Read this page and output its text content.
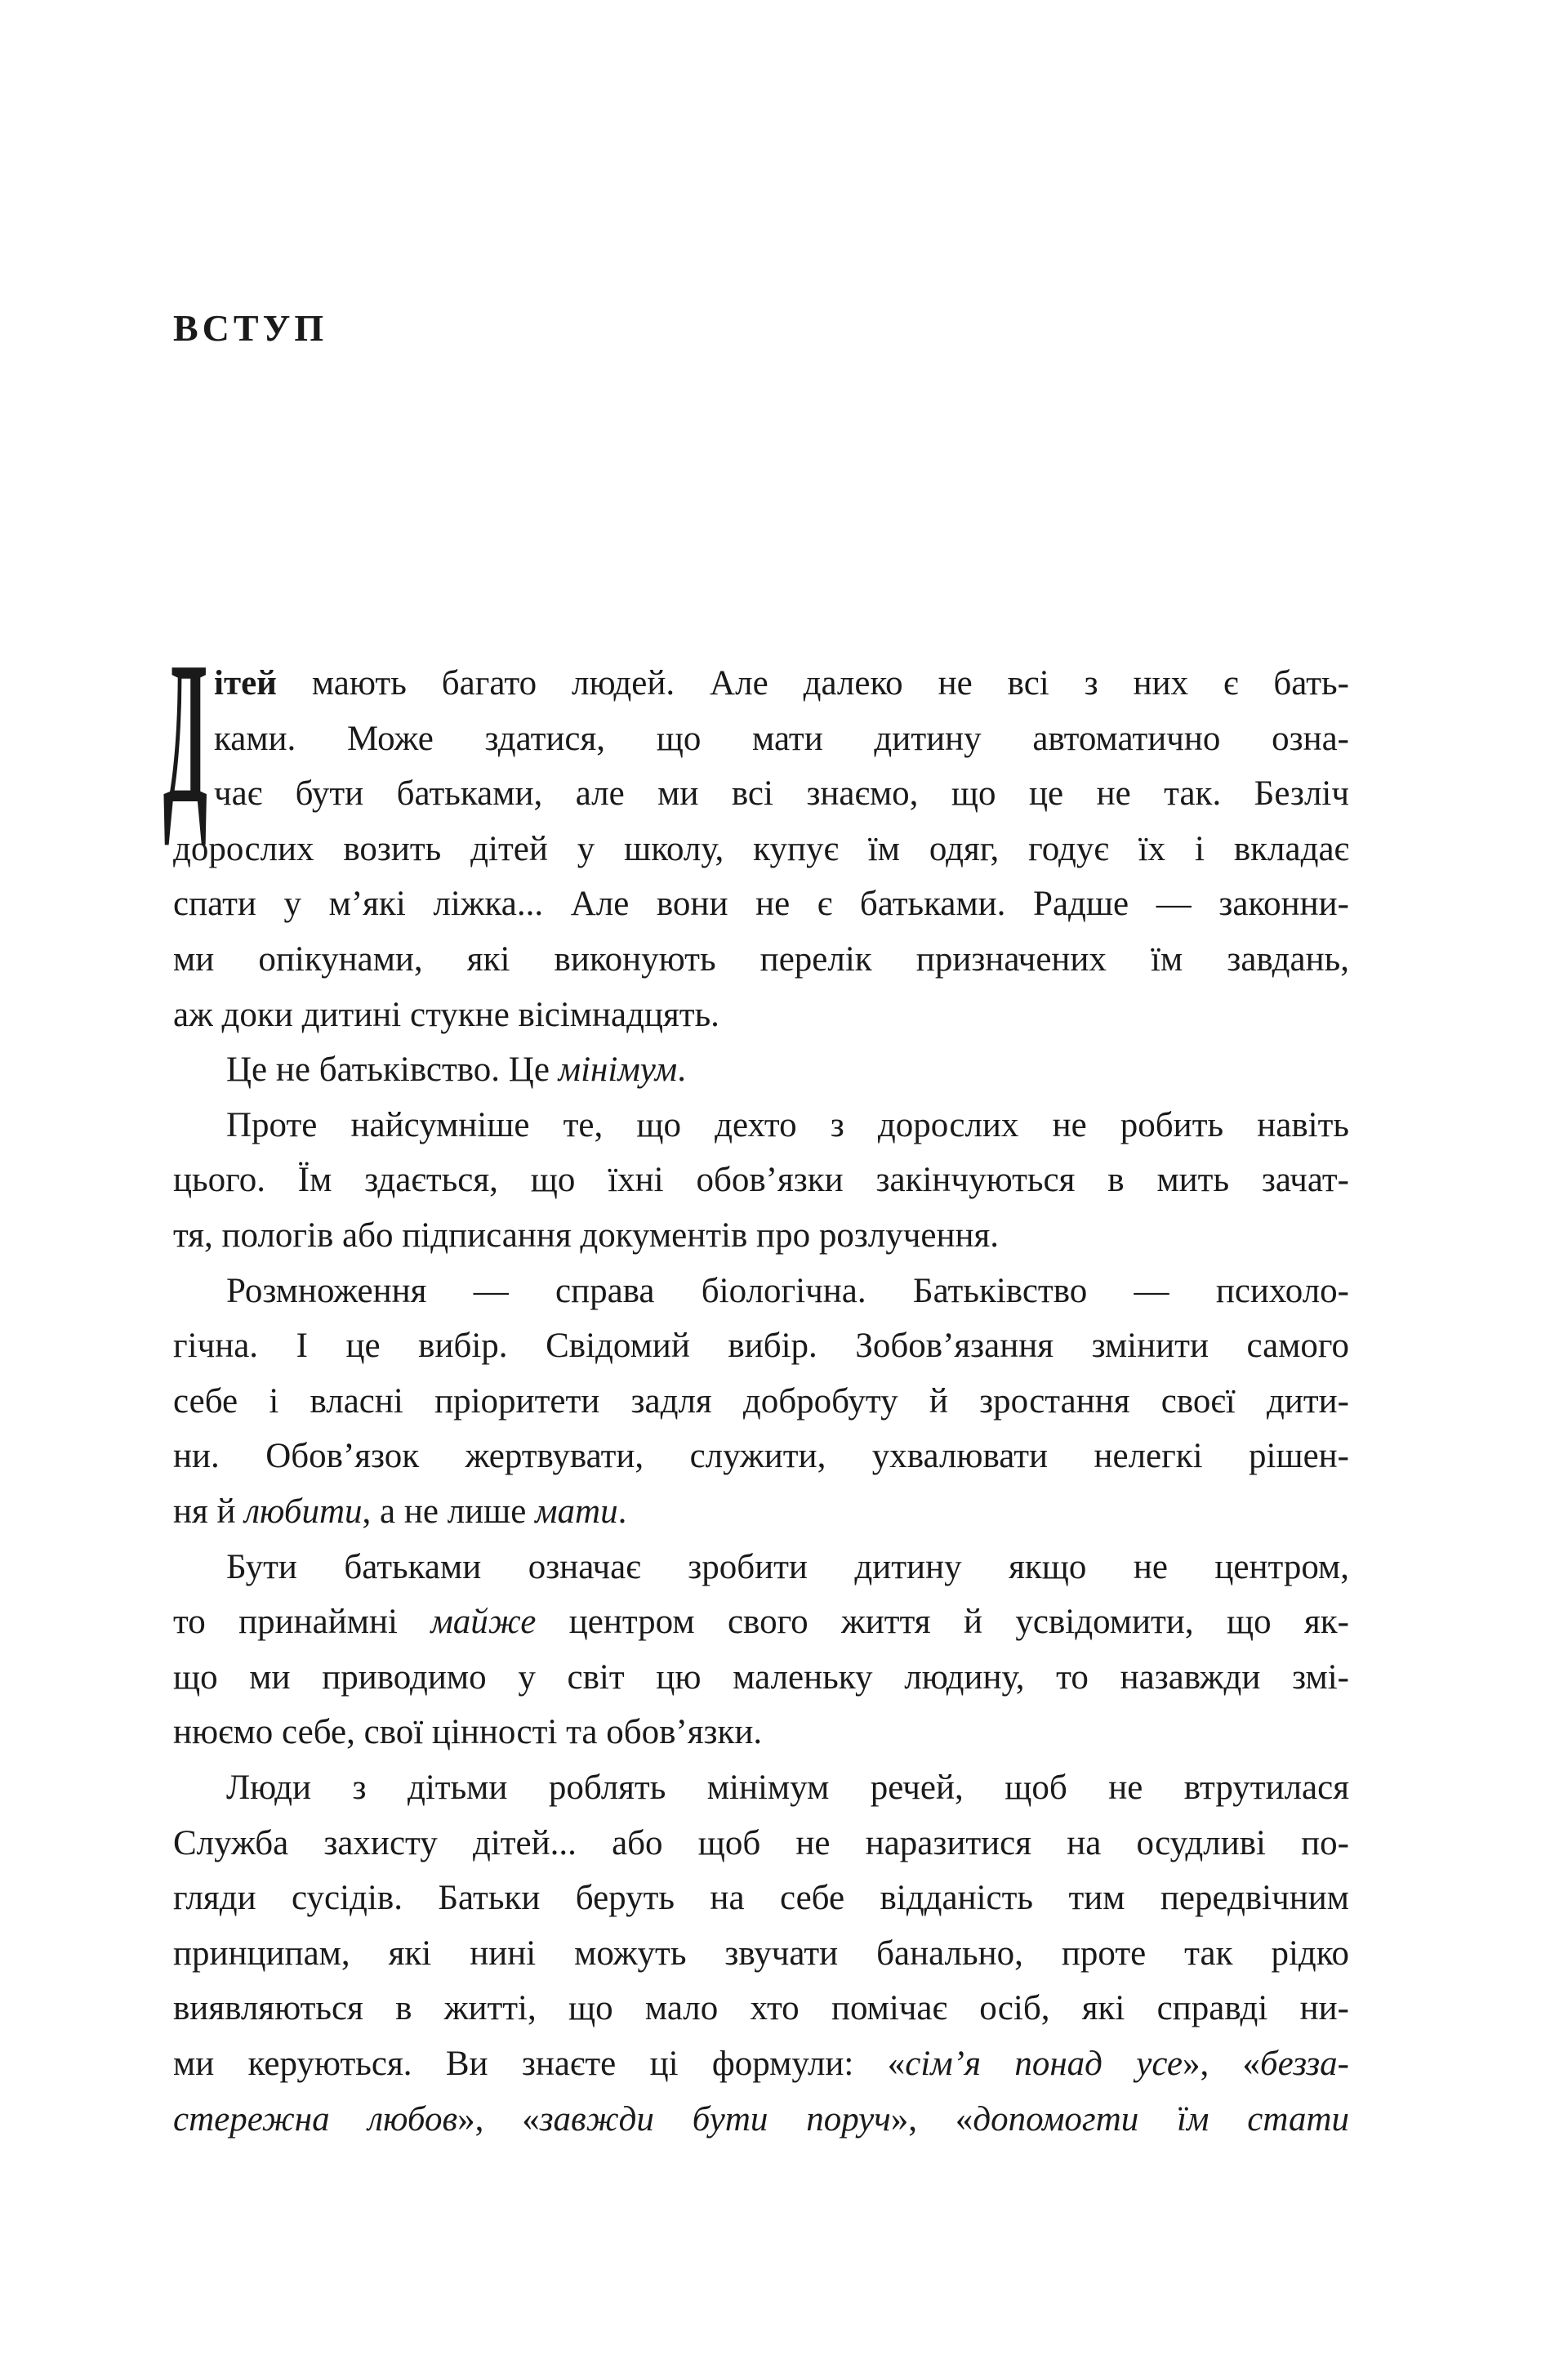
ВСТУП
Д ітей мають багато людей. Але далеко не всі з них є бать-
ками. Може здатися, що мати дитину автоматично озна-
чає бути батьками, але ми всі знаємо, що це не так. Безліч
дорослих возить дітей у школу, купує їм одяг, годує їх і вкладає
спати у м’які ліжка... Але вони не є батьками. Радше — законни-
ми опікунами, які виконують перелік призначених їм завдань,
аж доки дитині стукне вісімнадцять.
Це не батьківство. Це мінімум.
Проте найсумніше те, що дехто з дорослих не робить навіть
цього. Їм здається, що їхні обов’язки закінчуються в мить зачат-
тя, пологів або підписання документів про розлучення.
Розмноження — справа біологічна. Батьківство — психоло-
гічна. І це вибір. Свідомий вибір. Зобов’язання змінити самого
себе і власні пріоритети задля добробуту й зростання своєї дити-
ни. Обов’язок жертвувати, служити, ухвалювати нелегкі рішен-
ня й любити, а не лише мати.
Бути батьками означає зробити дитину якщо не центром,
то принаймні майже центром свого життя й усвідомити, що як-
що ми приводимо у світ цю маленьку людину, то назавжди змі-
нюємо себе, свої цінності та обов’язки.
Люди з дітьми роблять мінімум речей, щоб не втрутилася
Служба захисту дітей... або щоб не наразитися на осудливі по-
гляди сусідів. Батьки беруть на себе відданість тим передвічним
принципам, які нині можуть звучати банально, проте так рідко
виявляються в житті, що мало хто помічає осіб, які справді ни-
ми керуються. Ви знаєте ці формули: «сім’я понад усе», «безза-
стережна любов», «завжди бути поруч», «допомогти їм стати
